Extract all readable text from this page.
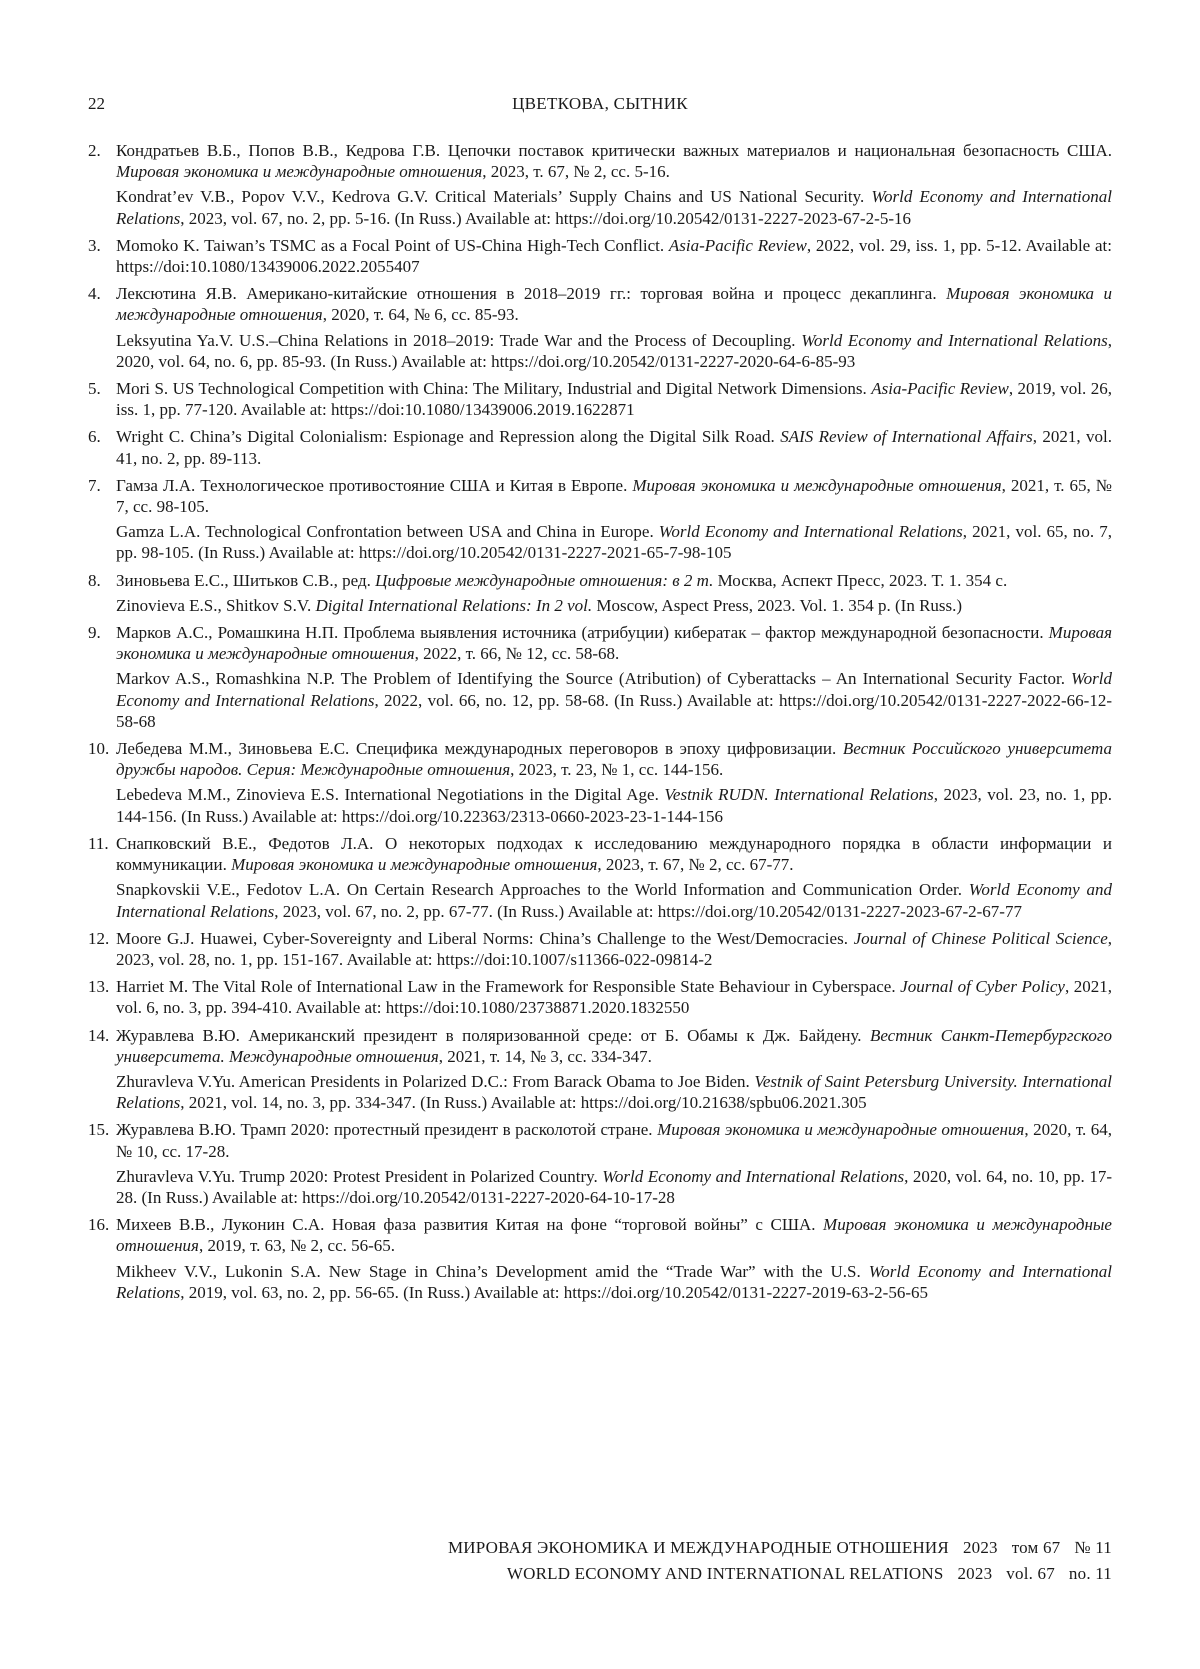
22	ЦВЕТКОВА, СЫТНИК
2. Кондратьев В.Б., Попов В.В., Кедрова Г.В. Цепочки поставок критически важных материалов и национальная безопасность США. Мировая экономика и международные отношения, 2023, т. 67, № 2, сс. 5-16.
Kondrat’ev V.B., Popov V.V., Kedrova G.V. Critical Materials’ Supply Chains and US National Security. World Economy and International Relations, 2023, vol. 67, no. 2, pp. 5-16. (In Russ.) Available at: https://doi.org/10.20542/0131-2227-2023-67-2-5-16
3. Momoko K. Taiwan’s TSMC as a Focal Point of US-China High-Tech Conflict. Asia-Pacific Review, 2022, vol. 29, iss. 1, pp. 5-12. Available at: https://doi:10.1080/13439006.2022.2055407
4. Лексютина Я.В. Американо-китайские отношения в 2018–2019 гг.: торговая война и процесс декаплинга. Мировая экономика и международные отношения, 2020, т. 64, № 6, сс. 85-93.
Leksyutina Ya.V. U.S.–China Relations in 2018–2019: Trade War and the Process of Decoupling. World Economy and International Relations, 2020, vol. 64, no. 6, pp. 85-93. (In Russ.) Available at: https://doi.org/10.20542/0131-2227-2020-64-6-85-93
5. Mori S. US Technological Competition with China: The Military, Industrial and Digital Network Dimensions. Asia-Pacific Review, 2019, vol. 26, iss. 1, pp. 77-120. Available at: https://doi:10.1080/13439006.2019.1622871
6. Wright C. China’s Digital Colonialism: Espionage and Repression along the Digital Silk Road. SAIS Review of International Affairs, 2021, vol. 41, no. 2, pp. 89-113.
7. Гамза Л.А. Технологическое противостояние США и Китая в Европе. Мировая экономика и международные отношения, 2021, т. 65, № 7, сс. 98-105.
Gamza L.A. Technological Confrontation between USA and China in Europe. World Economy and International Relations, 2021, vol. 65, no. 7, pp. 98-105. (In Russ.) Available at: https://doi.org/10.20542/0131-2227-2021-65-7-98-105
8. Зиновьева Е.С., Шитьков С.В., ред. Цифровые международные отношения: в 2 т. Москва, Аспект Пресс, 2023. Т. 1. 354 с.
Zinovieva E.S., Shitkov S.V. Digital International Relations: In 2 vol. Moscow, Aspect Press, 2023. Vol. 1. 354 p. (In Russ.)
9. Марков А.С., Ромашкина Н.П. Проблема выявления источника (атрибуции) кибератак – фактор международной безопасности. Мировая экономика и международные отношения, 2022, т. 66, № 12, сс. 58-68.
Markov A.S., Romashkina N.P. The Problem of Identifying the Source (Atribution) of Cyberattacks – An International Security Factor. World Economy and International Relations, 2022, vol. 66, no. 12, pp. 58-68. (In Russ.) Available at: https://doi.org/10.20542/0131-2227-2022-66-12-58-68
10. Лебедева М.М., Зиновьева Е.С. Специфика международных переговоров в эпоху цифровизации. Вестник Российского университета дружбы народов. Серия: Международные отношения, 2023, т. 23, № 1, сс. 144-156.
Lebedeva M.M., Zinovieva E.S. International Negotiations in the Digital Age. Vestnik RUDN. International Relations, 2023, vol. 23, no. 1, pp. 144-156. (In Russ.) Available at: https://doi.org/10.22363/2313-0660-2023-23-1-144-156
11. Снапковский В.Е., Федотов Л.А. О некоторых подходах к исследованию международного порядка в области информации и коммуникации. Мировая экономика и международные отношения, 2023, т. 67, № 2, сс. 67-77.
Snapkovskii V.E., Fedotov L.A. On Certain Research Approaches to the World Information and Communication Order. World Economy and International Relations, 2023, vol. 67, no. 2, pp. 67-77. (In Russ.) Available at: https://doi.org/10.20542/0131-2227-2023-67-2-67-77
12. Moore G.J. Huawei, Cyber-Sovereignty and Liberal Norms: China’s Challenge to the West/Democracies. Journal of Chinese Political Science, 2023, vol. 28, no. 1, pp. 151-167. Available at: https://doi:10.1007/s11366-022-09814-2
13. Harriet M. The Vital Role of International Law in the Framework for Responsible State Behaviour in Cyberspace. Journal of Cyber Policy, 2021, vol. 6, no. 3, pp. 394-410. Available at: https://doi:10.1080/23738871.2020.1832550
14. Журавлева В.Ю. Американский президент в поляризованной среде: от Б. Обамы к Дж. Байдену. Вестник Санкт-Петербургского университета. Международные отношения, 2021, т. 14, № 3, сс. 334-347.
Zhuravleva V.Yu. American Presidents in Polarized D.C.: From Barack Obama to Joe Biden. Vestnik of Saint Petersburg University. International Relations, 2021, vol. 14, no. 3, pp. 334-347. (In Russ.) Available at: https://doi.org/10.21638/spbu06.2021.305
15. Журавлева В.Ю. Трамп 2020: протестный президент в расколотой стране. Мировая экономика и международные отношения, 2020, т. 64, № 10, сс. 17-28.
Zhuravleva V.Yu. Trump 2020: Protest President in Polarized Country. World Economy and International Relations, 2020, vol. 64, no. 10, pp. 17-28. (In Russ.) Available at: https://doi.org/10.20542/0131-2227-2020-64-10-17-28
16. Михеев В.В., Луконин С.А. Новая фаза развития Китая на фоне “торговой войны” с США. Мировая экономика и международные отношения, 2019, т. 63, № 2, сс. 56-65.
Mikheev V.V., Lukonin S.A. New Stage in China’s Development amid the “Trade War” with the U.S. World Economy and International Relations, 2019, vol. 63, no. 2, pp. 56-65. (In Russ.) Available at: https://doi.org/10.20542/0131-2227-2019-63-2-56-65
МИРОВАЯ ЭКОНОМИКА И МЕЖДУНАРОДНЫЕ ОТНОШЕНИЯ 2023 том 67 № 11
WORLD ECONOMY AND INTERNATIONAL RELATIONS 2023 vol. 67 no. 11
